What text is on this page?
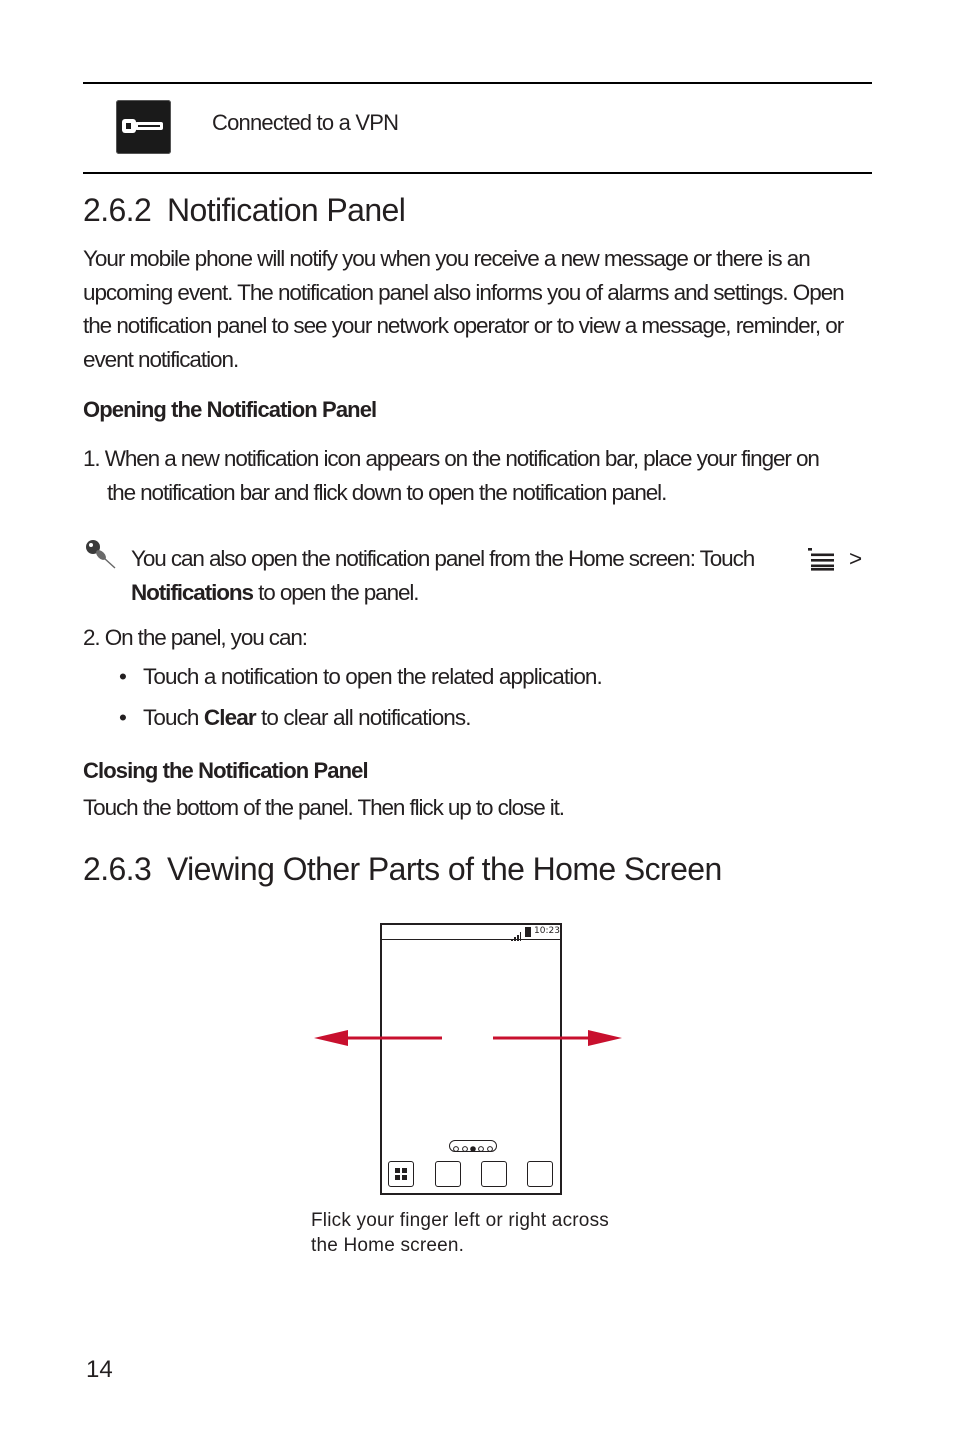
Connected to a VPN
2.6.2 Notification Panel
Your mobile phone will notify you when you receive a new message or there is an
upcoming event. The notification panel also informs you of alarms and settings. Open
the notification panel to see your network operator or to view a message, reminder, or
event notification.
Opening the Notification Panel
1. When a new notification icon appears on the notification bar, place your finger on
the notification bar and flick down to open the notification panel.
You can also open the notification panel from the Home screen: Touch	>
Notifications to open the panel.
2. On the panel, you can:
• Touch a notification to open the related application.
• Touch Clear to clear all notifications.
Closing the Notification Panel
Touch the bottom of the panel. Then flick up to close it.
2.6.3 Viewing Other Parts of the Home Screen
10:23
Flick your finger left or right across
the Home screen.
14
